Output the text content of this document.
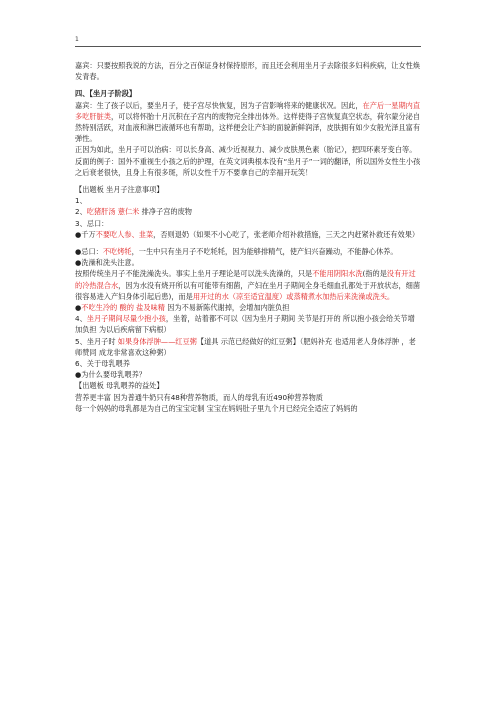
1

嘉宾：只要按照我说的方法，百分之百保证身材保持原形，而且还会利用坐月子去除很多妇科疾病，让女性焕发青春。

四、【坐月子阶段】

嘉宾：生了孩子以后，要坐月子，使子宫尽快恢复，因为子宫影响将来的健康状况。因此，在产后一星期内直多吃肝脏类，可以将怀胎十月沉积在子宫内的废物完全排出体外。这样使得子宫恢复真空状态，荷尔蒙分泌自然特别活跃，对血液和淋巴液循环也有帮助，这样便会让产妇的面貌新鲜润泽，皮肤拥有如少女般光泽且富有弹性。

正因为如此，坐月子可以治病：可以长身高、减少近视视力、减少皮肤黑色素（胎记），把四环素牙变白等。

反面的例子：国外不重视生小孩之后的护理，在英文词典根本没有“坐月子”一词的翻译，所以国外女性生小孩之后衰老很快，且身上有很多斑，所以女性千万不要拿自己的幸福开玩笑！

【出题板 坐月子注意事项】

1、

2、吃猪肝汤 薏仁米 排净子宫的废物

3、忌口：

●千万不要吃人参、韭菜，否则退奶（如果不小心吃了，张老师介绍补救措施，三天之内赶紧补救还有效果）

●忌口：不吃烤牦，一生中只有坐月子不吃牦牦，因为能够排精气，使产妇兴奋躁动，不能静心休养。

●洗澡和洗头注意。

按照传统坐月子不能洗澡洗头。事实上坐月子理论是可以洗头洗澡的，只是不能用阴阳水洗(指的是没有开过的冷热混合水，因为水没有烧开所以有可能带有细菌，产妇在坐月子期间全身毛细血孔都处于开放状态，细菌很容易进入产妇身体引起后患)，而是用开过的水（凉至适宜温度）或蒸精煮水加热后来洗澡或洗头。

●不吃生冷的 酸的 盐及味精 因为不易新陈代谢掉，会增加内脏负担

4、坐月子期间尽量少抱小孩，坐着，站着都不可以（因为坐月子期间 关节是打开的 所以抱小孩会给关节增加负担 为以后疾病留下病根）

5、坐月子时 如果身体浮肿——红豆粥【道具 示范已经做好的红豆粥】（肥妈补充 也适用老人身体浮肿 ，老师赞同 成龙非常喜欢这种粥）

6、关于母乳喂养

●为什么要母乳喂养？

【出题板 母乳喂养的益处】

营养更丰富 因为普通牛奶只有48种营养物质，而人的母乳有近490种营养物质

每一个妈妈的母乳都是为自己的宝宝定制 宝宝在妈妈肚子里九个月已经完全适应了妈妈的
